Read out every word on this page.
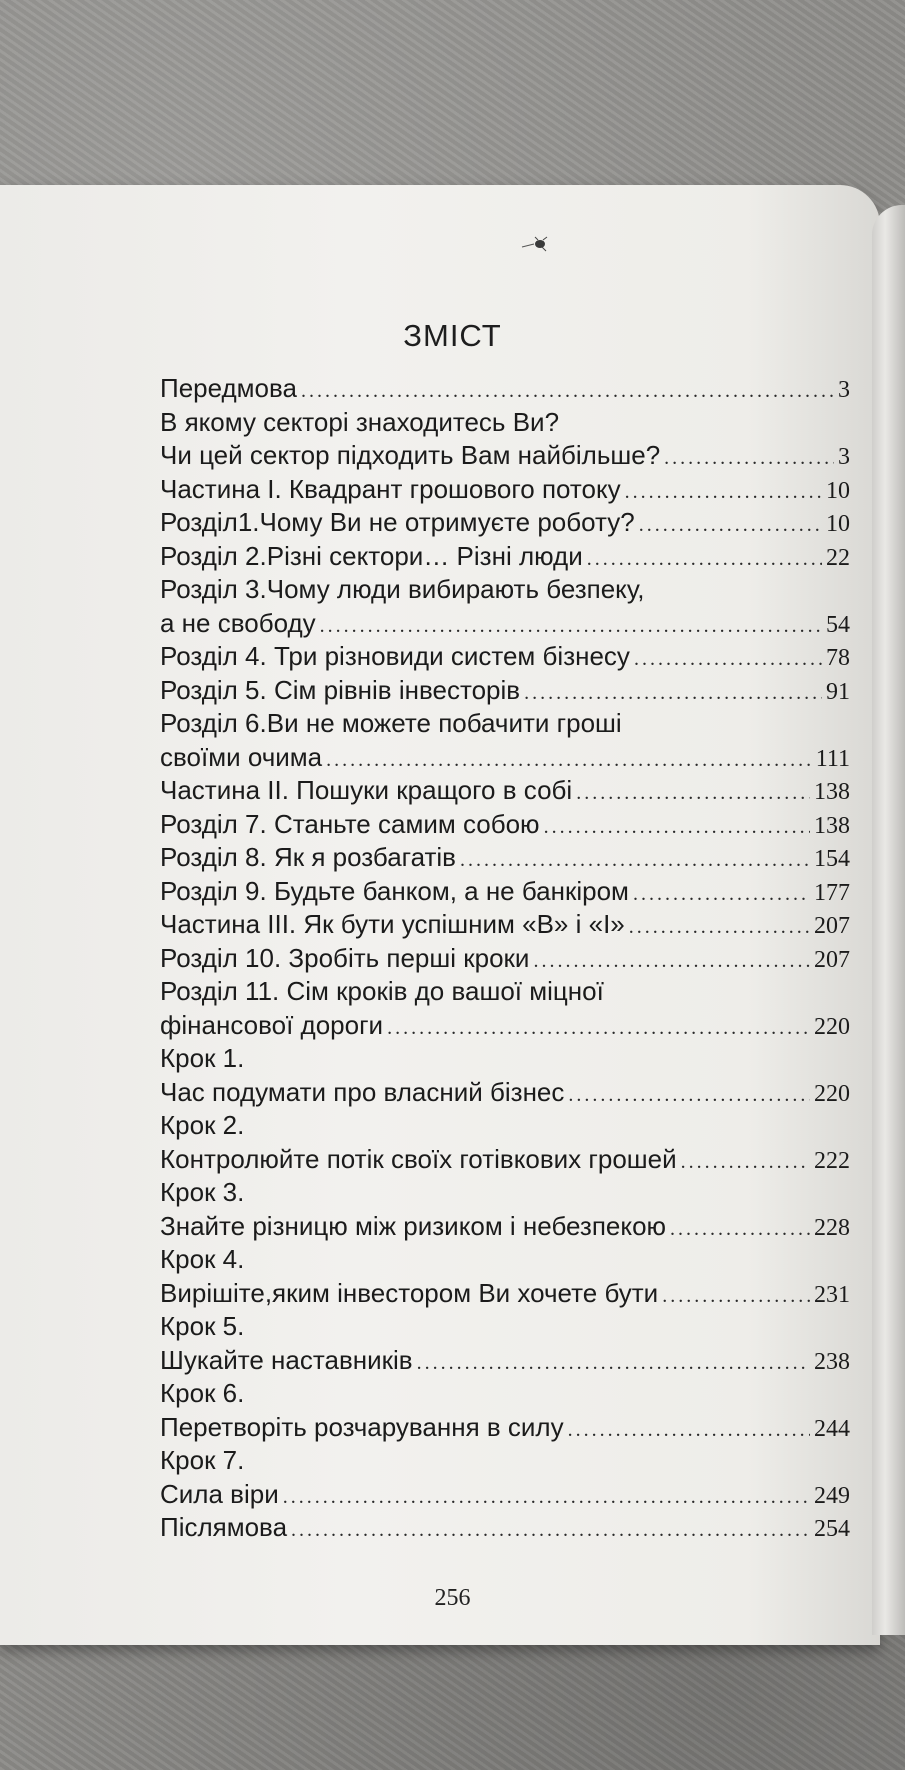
ЗМІСТ
Передмова .....	3
В якому секторі знаходитесь Ви?
Чи цей сектор підходить Вам найбільше? .....	3
Частина І. Квадрант грошового потоку .....	10
Розділ1.Чому Ви не отримуєте роботу? .....	10
Розділ 2.Різні сектори… Різні люди .....	22
Розділ 3.Чому люди вибирають безпеку,
а не свободу .....	54
Розділ 4. Три різновиди систем бізнесу .....	78
Розділ 5. Сім рівнів інвесторів .....	91
Розділ 6.Ви не можете побачити гроші
своїми очима .....	111
Частина ІІ. Пошуки кращого в собі .....	138
Розділ 7. Станьте самим собою .....	138
Розділ 8. Як я розбагатів .....	154
Розділ 9. Будьте банком, а не банкіром .....	177
Частина ІІІ. Як бути успішним «В» і «І» .....	207
Розділ 10. Зробіть перші кроки .....	207
Розділ 11. Сім кроків до вашої міцної
фінансової дороги .....	220
Крок 1.
Час подумати про власний бізнес .....	220
Крок 2.
Контролюйте потік своїх готівкових грошей .....	222
Крок 3.
Знайте різницю між ризиком і небезпекою .....	228
Крок 4.
Вирішіте,яким інвестором Ви хочете бути .....	231
Крок 5.
Шукайте наставників .....	238
Крок 6.
Перетворіть розчарування в силу .....	244
Крок 7.
Сила віри .....	249
Післямова .....	254
256
